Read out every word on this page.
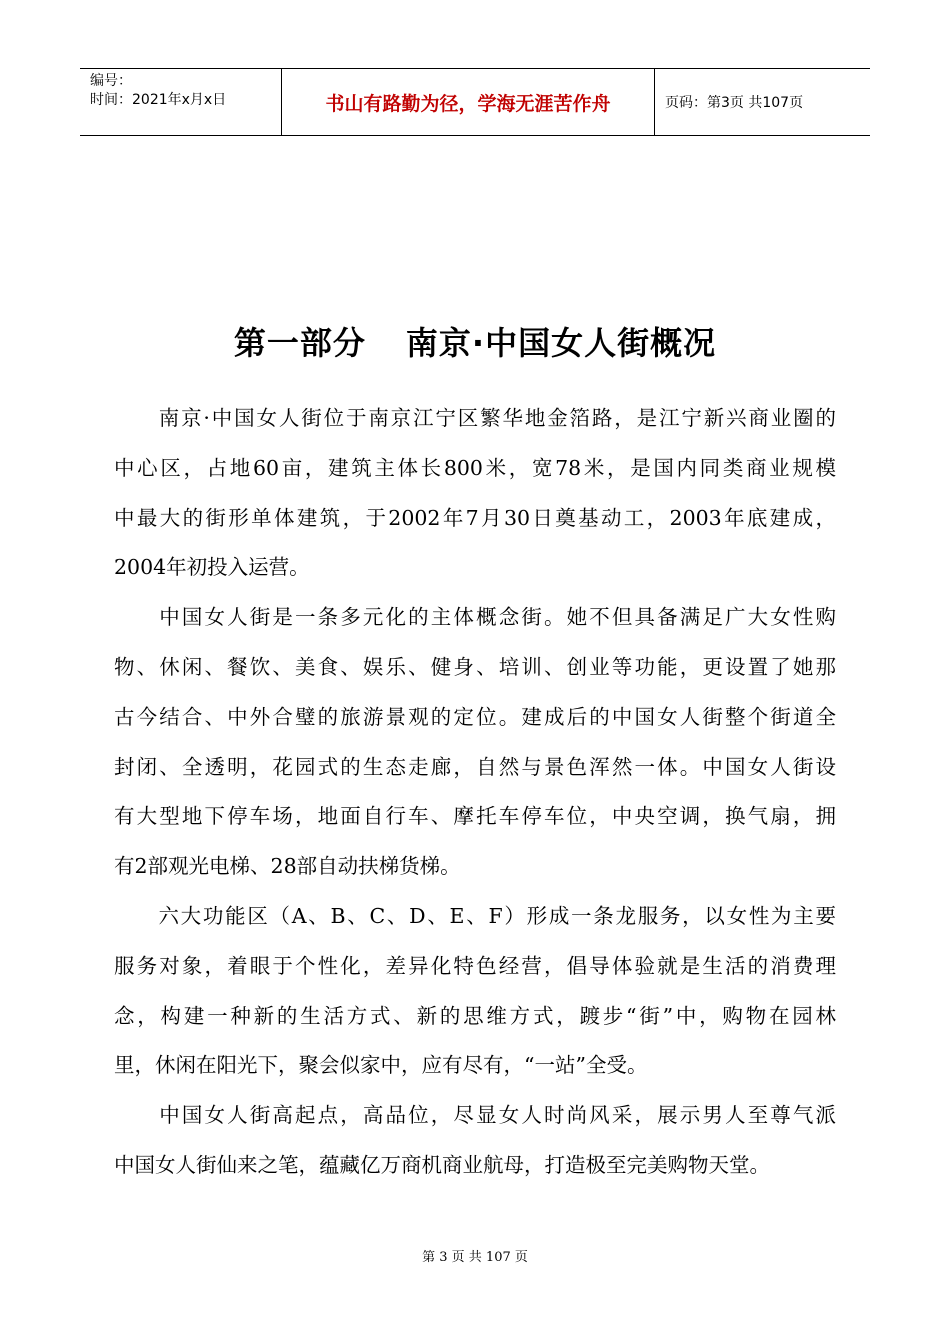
编号：
时间：2021年x月x日	书山有路勤为径，学海无涯苦作舟	页码：第3页 共107页
第一部分 南京·中国女人街概况
　　南京·中国女人街位于南京江宁区繁华地金箔路，是江宁新兴商业圈的
中心区，占地60亩，建筑主体长800米，宽78米，是国内同类商业规模
中最大的街形单体建筑，于2002年7月30日奠基动工，2003年底建成，
2004年初投入运营。
　　中国女人街是一条多元化的主体概念街。她不但具备满足广大女性购
物、休闲、餐饮、美食、娱乐、健身、培训、创业等功能，更设置了她那
古今结合、中外合璧的旅游景观的定位。建成后的中国女人街整个街道全
封闭、全透明，花园式的生态走廊，自然与景色浑然一体。中国女人街设
有大型地下停车场，地面自行车、摩托车停车位，中央空调，换气扇，拥
有2部观光电梯、28部自动扶梯货梯。
　　六大功能区（A、B、C、D、E、F）形成一条龙服务，以女性为主要
服务对象，着眼于个性化，差异化特色经营，倡导体验就是生活的消费理
念，构建一种新的生活方式、新的思维方式，踱步“街”中，购物在园林
里，休闲在阳光下，聚会似家中，应有尽有，“一站”全受。
　　中国女人街高起点，高品位，尽显女人时尚风采，展示男人至尊气派
中国女人街仙来之笔，蕴藏亿万商机商业航母，打造极至完美购物天堂。
第 3 页 共 107 页
